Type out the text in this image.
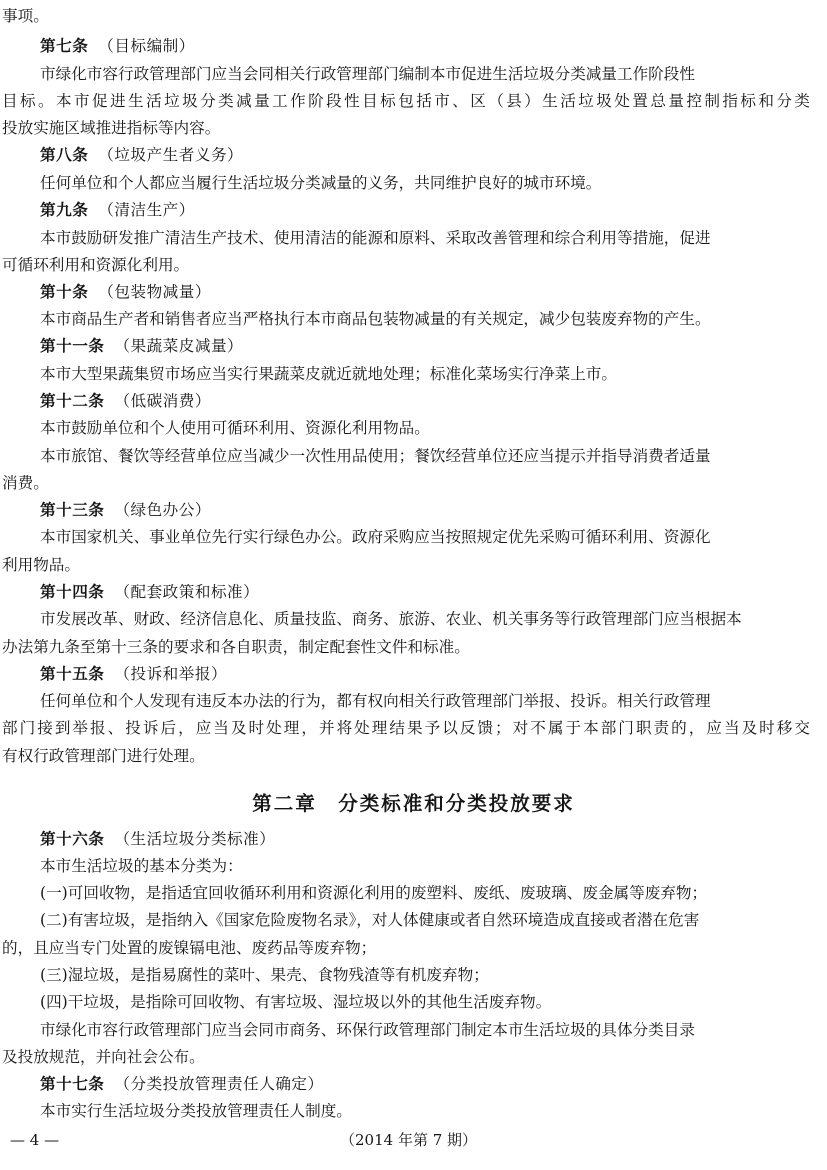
事项。
第七条 （目标编制）
市绿化市容行政管理部门应当会同相关行政管理部门编制本市促进生活垃圾分类减量工作阶段性
目标。本市促进生活垃圾分类减量工作阶段性目标包括市、区（县）生活垃圾处置总量控制指标和分类
投放实施区域推进指标等内容。
第八条 （垃圾产生者义务）
任何单位和个人都应当履行生活垃圾分类减量的义务，共同维护良好的城市环境。
第九条 （清洁生产）
本市鼓励研发推广清洁生产技术、使用清洁的能源和原料、采取改善管理和综合利用等措施，促进
可循环利用和资源化利用。
第十条 （包装物减量）
本市商品生产者和销售者应当严格执行本市商品包装物减量的有关规定，减少包装废弃物的产生。
第十一条 （果蔬菜皮减量）
本市大型果蔬集贸市场应当实行果蔬菜皮就近就地处理；标准化菜场实行净菜上市。
第十二条 （低碳消费）
本市鼓励单位和个人使用可循环利用、资源化利用物品。
本市旅馆、餐饮等经营单位应当减少一次性用品使用；餐饮经营单位还应当提示并指导消费者适量
消费。
第十三条 （绿色办公）
本市国家机关、事业单位先行实行绿色办公。政府采购应当按照规定优先采购可循环利用、资源化
利用物品。
第十四条 （配套政策和标准）
市发展改革、财政、经济信息化、质量技监、商务、旅游、农业、机关事务等行政管理部门应当根据本
办法第九条至第十三条的要求和各自职责，制定配套性文件和标准。
第十五条 （投诉和举报）
任何单位和个人发现有违反本办法的行为，都有权向相关行政管理部门举报、投诉。相关行政管理
部门接到举报、投诉后，应当及时处理，并将处理结果予以反馈；对不属于本部门职责的，应当及时移交
有权行政管理部门进行处理。
第二章　分类标准和分类投放要求
第十六条 （生活垃圾分类标准）
本市生活垃圾的基本分类为：
(一)可回收物，是指适宜回收循环利用和资源化利用的废塑料、废纸、废玻璃、废金属等废弃物；
(二)有害垃圾，是指纳入《国家危险废物名录》，对人体健康或者自然环境造成直接或者潜在危害
的，且应当专门处置的废镍镉电池、废药品等废弃物；
(三)湿垃圾，是指易腐性的菜叶、果壳、食物残渣等有机废弃物；
(四)干垃圾，是指除可回收物、有害垃圾、湿垃圾以外的其他生活废弃物。
市绿化市容行政管理部门应当会同市商务、环保行政管理部门制定本市生活垃圾的具体分类目录
及投放规范，并向社会公布。
第十七条 （分类投放管理责任人确定）
本市实行生活垃圾分类投放管理责任人制度。
— 4 —	（2014 年第 7 期）
